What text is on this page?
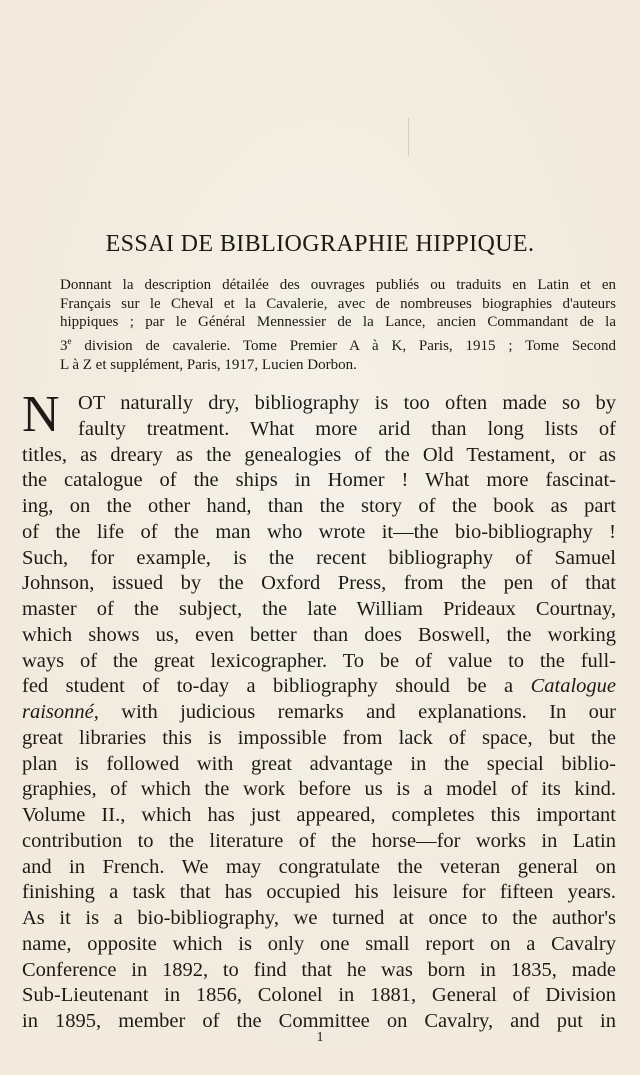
ESSAI DE BIBLIOGRAPHIE HIPPIQUE.
Donnant la description détailée des ouvrages publiés ou traduits en Latin et en
Français sur le Cheval et la Cavalerie, avec de nombreuses biographies d'auteurs
hippiques ; par le Général Mennessier de la Lance, ancien Commandant de la
3e division de cavalerie. Tome Premier A à K, Paris, 1915 ; Tome Second
L à Z et supplément, Paris, 1917, Lucien Dorbon.
N OT naturally dry, bibliography is too often made so by
faulty treatment. What more arid than long lists of
titles, as dreary as the genealogies of the Old Testament, or as
the catalogue of the ships in Homer ! What more fascinat-
ing, on the other hand, than the story of the book as part
of the life of the man who wrote it—the bio-bibliography !
Such, for example, is the recent bibliography of Samuel
Johnson, issued by the Oxford Press, from the pen of that
master of the subject, the late William Prideaux Courtnay,
which shows us, even better than does Boswell, the working
ways of the great lexicographer. To be of value to the full-
fed student of to-day a bibliography should be a Catalogue
raisonné, with judicious remarks and explanations. In our
great libraries this is impossible from lack of space, but the
plan is followed with great advantage in the special biblio-
graphies, of which the work before us is a model of its kind.
Volume II., which has just appeared, completes this important
contribution to the literature of the horse—for works in Latin
and in French. We may congratulate the veteran general on
finishing a task that has occupied his leisure for fifteen years.
As it is a bio-bibliography, we turned at once to the author's
name, opposite which is only one small report on a Cavalry
Conference in 1892, to find that he was born in 1835, made
Sub-Lieutenant in 1856, Colonel in 1881, General of Division
in 1895, member of the Committee on Cavalry, and put in
1
